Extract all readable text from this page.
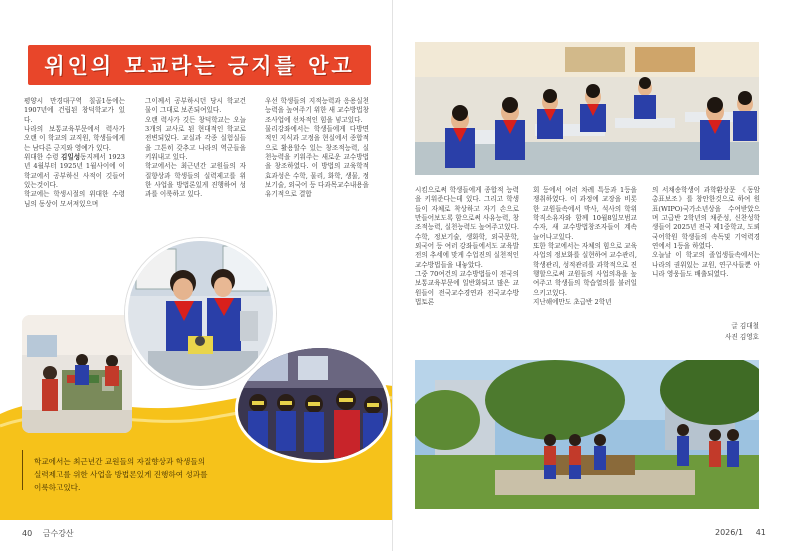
위인의 모교라는 긍지를 안고
평양시 만경대구역 칠골1동에는 1907년에 건립된 창덕학교가 있다.
나라의 보통교육부문에서 력사가 오랜 이 학교의 교직원, 학생들에게는 남다른 긍지와 영예가 있다.
위대한 수령 김일성동지께서 1923년 4월부터 1925년 1월사이에 이 학교에서 공부하신 사적이 깃들어있는것이다.
학교에는 학생시절의 위대한 수령님의 동상이 모셔져있으며
그이께서 공부하시던 당시 학교건물이 그대로 보존되여있다.
오랜 력사가 깃든 창덕학교는 오늘 3개의 교사로 된 현대적인 학교로 전변되었다. 교실과 각종 실험실들을 그튼히 갖추고 나라의 역군들을 키워내고 있다.
학교에서는 최근년간 교원들의 자질향상과 학생들의 실력제고를 위한 사업을 방법론있게 진행하여 성과를 이룩하고 있다.
우선 학생들의 지적능력과 응용실천능력을 높여주기 위한 새 교수방법창조사업에 선차적인 힘을 넣고있다.
물리강좌에서는 학생들에게 다방면적인 지식과 고정을 현실에서 종합적으로 활용할수 있는 창조적능력, 실천능력을 키워주는 새로운 교수방법을 창조하였다. 이 방법의 교육학적 효과성은 수학, 물리, 화학, 생물, 정보기술, 외국어 등 다과목교수내용을 유기적으로 결합
학교에서는 최근년간 교원들의 자질향상과 학생들의
실력제고를 위한 사업을 방법론있게 진행하여 성과를
이룩하고있다.
40 금수강산
시킴으로써 학생들에게 종합적 능력을 키워준다는데 있다. 그리고 학생들이 자체로 착상하고 자기 손으로 만들어보도록 함으로써 사유능력, 창조적능력, 실천능력도 높여주고있다.
수학, 정보기술, 생화학, 외국문학, 외국어 등 여러 강좌들에서도 교육발전의 추세에 맞게 수업진의 실천적인 교수방법들을 내놓았다.
그중 70여건의 교수방법들이 전국의 보통교육부문에 일반화되고 많은 교원들이 전국교수경연과 전국교수방법토론
회 등에서 여러 차례 특등과 1등을 쟁취하였다. 이 과정에 교장을 비롯한 교원들속에서 박사, 석사의 학위학직소유자와 함께 10월8일모범교수자, 새 교수방법창조자들이 계속 늘어나고있다.
또한 학교에서는 자체의 힘으로 교육사업의 정보화를 실현하여 교수관리, 학생관리, 성적관리를 과학적으로 진행할으로써 교원들의 사업의욕을 높여주고 학생들의 학습열의를 불러일으키고있다.
지난해에만도 초급반 2학년
의 서채송학생이 과학환상문 《동암총표보조》를 창안한것으로 하여 원표(WIPO)국가소년상을 수여받았으며 고급반 2학년의 채준성, 신찬성학생들이 2025년 전국 제1중학교, 도뢰국어학원 학생들의 속독및 기억력경연에서 1등을 하였다.
오늘날 이 학교의 졸업생들속에서는 나라의 권위있는 교원, 연구사들뿐 아니라 영웅들도 배출되였다.
글 김대철
사진 김영호
2026/1 41
